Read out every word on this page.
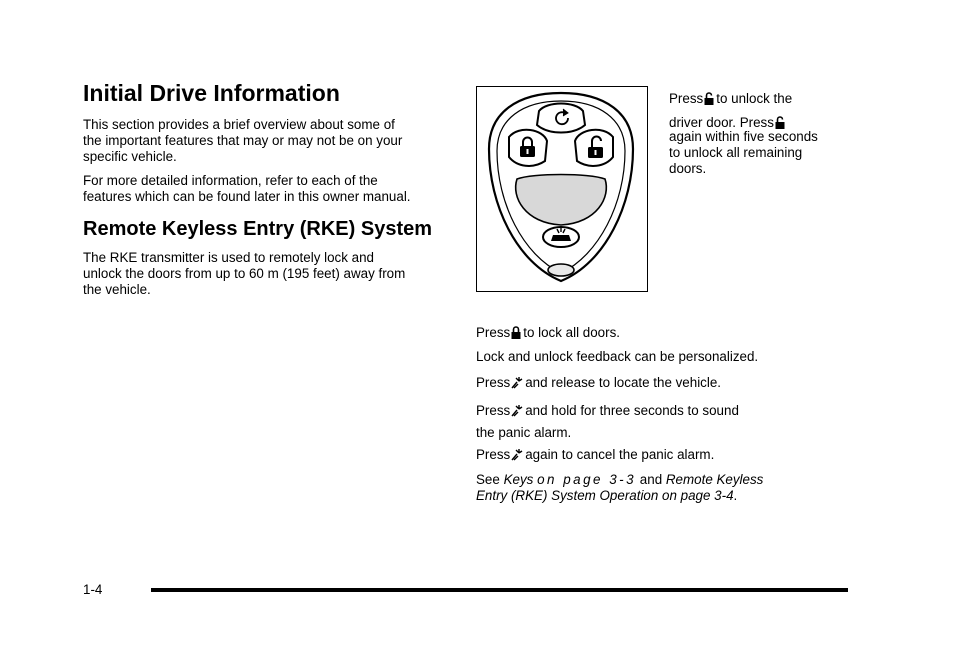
Initial Drive Information
This section provides a brief overview about some of
the important features that may or may not be on your
specific vehicle.
For more detailed information, refer to each of the
features which can be found later in this owner manual.
Remote Keyless Entry (RKE) System
The RKE transmitter is used to remotely lock and
unlock the doors from up to 60 m (195 feet) away from
the vehicle.
Press to unlock the
driver door. Press
again within five seconds
to unlock all remaining
doors.
Press to lock all doors.
Lock and unlock feedback can be personalized.
Press and release to locate the vehicle.
Press and hold for three seconds to sound
the panic alarm.
Press again to cancel the panic alarm.
See Keys on page 3-3 and Remote Keyless
Entry (RKE) System Operation on page 3-4.
1-4
